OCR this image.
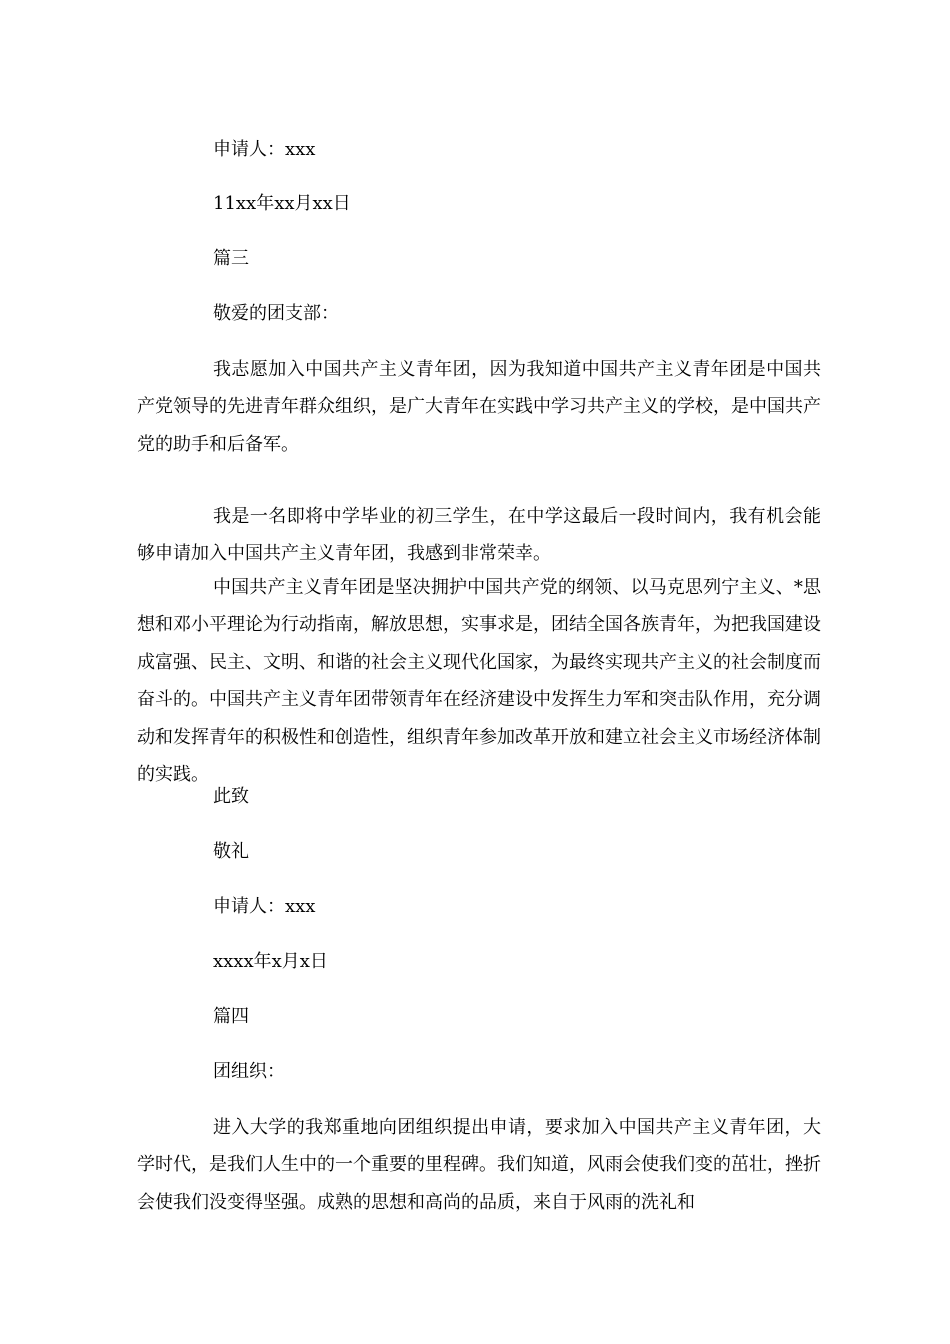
申请人：xxx

11xx年xx月xx日

篇三

敬爱的团支部：

我志愿加入中国共产主义青年团，因为我知道中国共产主义青年团是中国共产党领导的先进青年群众组织，是广大青年在实践中学习共产主义的学校，是中国共产党的助手和后备军。

我是一名即将中学毕业的初三学生，在中学这最后一段时间内，我有机会能够申请加入中国共产主义青年团，我感到非常荣幸。

中国共产主义青年团是坚决拥护中国共产党的纲领、以马克思列宁主义、*思想和邓小平理论为行动指南，解放思想，实事求是，团结全国各族青年，为把我国建设成富强、民主、文明、和谐的社会主义现代化国家，为最终实现共产主义的社会制度而奋斗的。中国共产主义青年团带领青年在经济建设中发挥生力军和突击队作用，充分调动和发挥青年的积极性和创造性，组织青年参加改革开放和建立社会主义市场经济体制的实践。

此致

敬礼

申请人：xxx

xxxx年x月x日

篇四

团组织：

进入大学的我郑重地向团组织提出申请，要求加入中国共产主义青年团，大学时代，是我们人生中的一个重要的里程碑。我们知道，风雨会使我们变的茁壮，挫折会使我们没变得坚强。成熟的思想和高尚的品质，来自于风雨的洗礼和
